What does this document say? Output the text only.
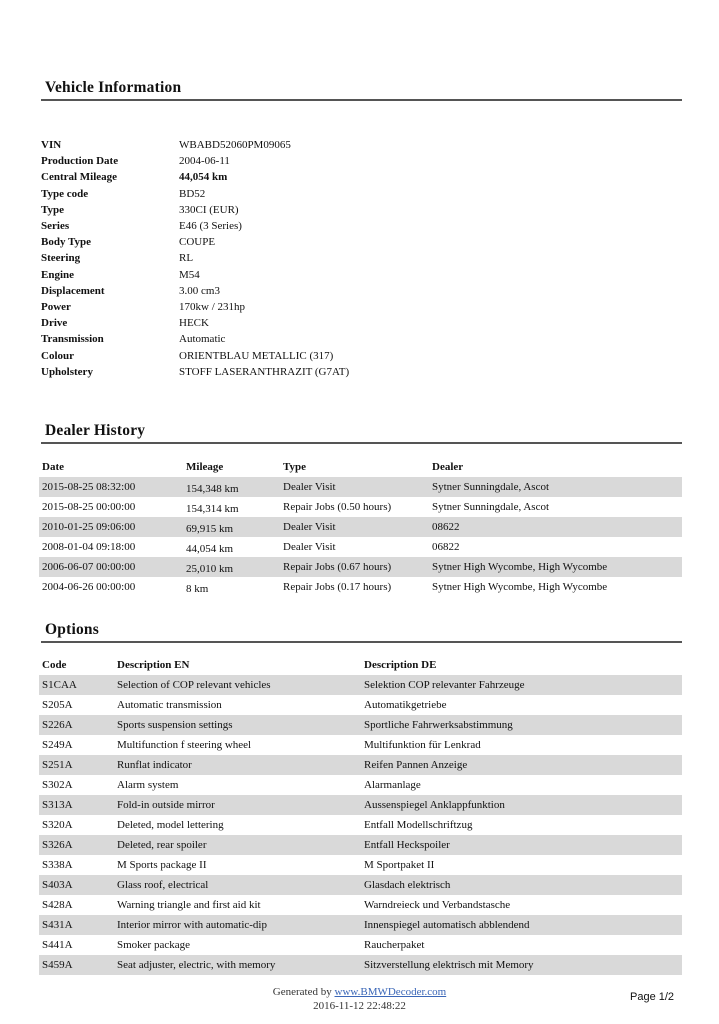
Vehicle Information
VIN	WBABD52060PM09065
Production Date	2004-06-11
Central Mileage	44,054 km
Type code	BD52
Type	330CI (EUR)
Series	E46 (3 Series)
Body Type	COUPE
Steering	RL
Engine	M54
Displacement	3.00 cm3
Power	170kw / 231hp
Drive	HECK
Transmission	Automatic
Colour	ORIENTBLAU METALLIC (317)
Upholstery	STOFF LASERANTHRAZIT (G7AT)
Dealer History
Date	Mileage	Type	Dealer
2015-08-25 08:32:00	154,348 km	Dealer Visit	Sytner Sunningdale, Ascot
2015-08-25 00:00:00	154,314 km	Repair Jobs (0.50 hours)	Sytner Sunningdale, Ascot
2010-01-25 09:06:00	69,915 km	Dealer Visit	08622
2008-01-04 09:18:00	44,054 km	Dealer Visit	06822
2006-06-07 00:00:00	25,010 km	Repair Jobs (0.67 hours)	Sytner High Wycombe, High Wycombe
2004-06-26 00:00:00	8 km	Repair Jobs (0.17 hours)	Sytner High Wycombe, High Wycombe
Options
Code	Description EN	Description DE
S1CAA	Selection of COP relevant vehicles	Selektion COP relevanter Fahrzeuge
S205A	Automatic transmission	Automatikgetriebe
S226A	Sports suspension settings	Sportliche Fahrwerksabstimmung
S249A	Multifunction f steering wheel	Multifunktion für Lenkrad
S251A	Runflat indicator	Reifen Pannen Anzeige
S302A	Alarm system	Alarmanlage
S313A	Fold-in outside mirror	Aussenspiegel Anklappfunktion
S320A	Deleted, model lettering	Entfall Modellschriftzug
S326A	Deleted, rear spoiler	Entfall Heckspoiler
S338A	M Sports package II	M Sportpaket II
S403A	Glass roof, electrical	Glasdach elektrisch
S428A	Warning triangle and first aid kit	Warndreieck und Verbandstasche
S431A	Interior mirror with automatic-dip	Innenspiegel automatisch abblendend
S441A	Smoker package	Raucherpaket
S459A	Seat adjuster, electric, with memory	Sitzverstellung elektrisch mit Memory
Generated by www.BMWDecoder.com
2016-11-12 22:48:22
Page 1/2
